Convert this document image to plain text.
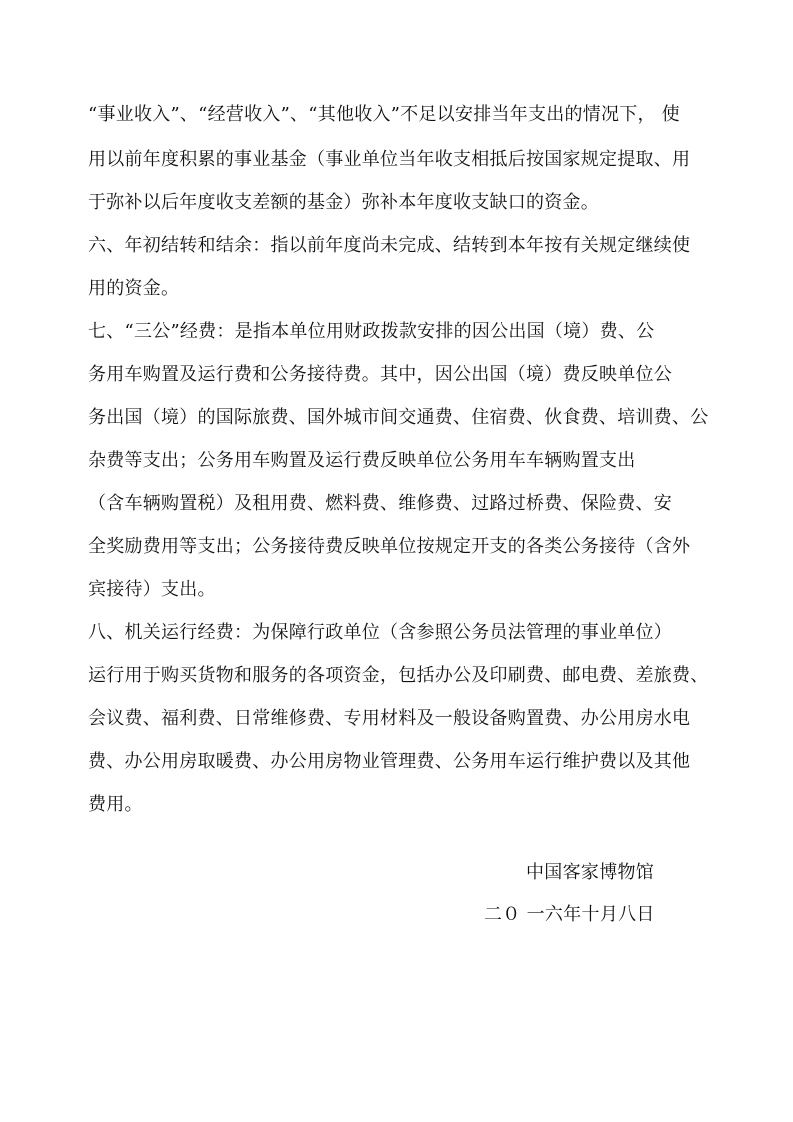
“事业收入”、“经营收入”、“其他收入”不足以安排当年支出的情况下， 使
用以前年度积累的事业基金（事业单位当年收支相抵后按国家规定提取、用
于弥补以后年度收支差额的基金）弥补本年度收支缺口的资金。
六、年初结转和结余：指以前年度尚未完成、结转到本年按有关规定继续使
用的资金。
七、“三公”经费：是指本单位用财政拨款安排的因公出国（境）费、公
务用车购置及运行费和公务接待费。其中，因公出国（境）费反映单位公
务出国（境）的国际旅费、国外城市间交通费、住宿费、伙食费、培训费、公
杂费等支出；公务用车购置及运行费反映单位公务用车车辆购置支出
（含车辆购置税）及租用费、燃料费、维修费、过路过桥费、保险费、安
全奖励费用等支出；公务接待费反映单位按规定开支的各类公务接待（含外
宾接待）支出。
八、机关运行经费：为保障行政单位（含参照公务员法管理的事业单位）
运行用于购买货物和服务的各项资金，包括办公及印刷费、邮电费、差旅费、
会议费、福利费、日常维修费、专用材料及一般设备购置费、办公用房水电
费、办公用房取暖费、办公用房物业管理费、公务用车运行维护费以及其他
费用。
中国客家博物馆
二０ 一六年十月八日
